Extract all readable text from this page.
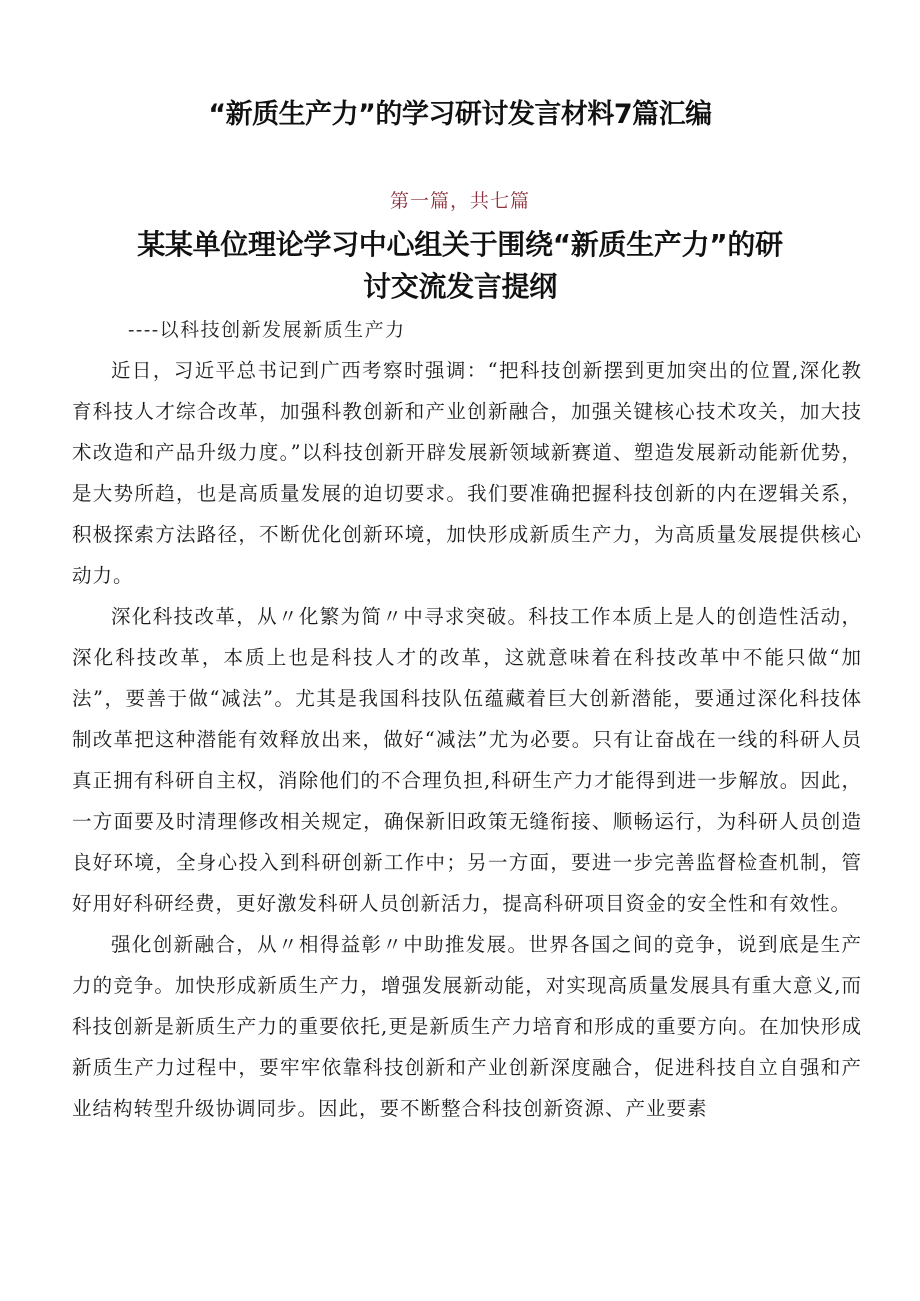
“新质生产力”的学习研讨发言材料7篇汇编
第一篇，共七篇
某某单位理论学习中心组关于围绕“新质生产力”的研
讨交流发言提纲
----以科技创新发展新质生产力

近日，习近平总书记到广西考察时强调：“把科技创新摆到更加突出的位置,深化教育科技人才综合改革，加强科教创新和产业创新融合，加强关键核心技术攻关，加大技术改造和产品升级力度。”以科技创新开辟发展新领域新赛道、塑造发展新动能新优势，是大势所趋，也是高质量发展的迫切要求。我们要准确把握科技创新的内在逻辑关系，积极探索方法路径，不断优化创新环境，加快形成新质生产力，为高质量发展提供核心动力。

深化科技改革，从〃化繁为简〃中寻求突破。科技工作本质上是人的创造性活动，深化科技改革，本质上也是科技人才的改革，这就意味着在科技改革中不能只做“加法”，要善于做“减法”。尤其是我国科技队伍蕴藏着巨大创新潜能，要通过深化科技体制改革把这种潜能有效释放出来，做好“减法”尤为必要。只有让奋战在一线的科研人员真正拥有科研自主权，消除他们的不合理负担,科研生产力才能得到进一步解放。因此，一方面要及时清理修改相关规定，确保新旧政策无缝衔接、顺畅运行，为科研人员创造良好环境，全身心投入到科研创新工作中；另一方面，要进一步完善监督检查机制，管好用好科研经费，更好激发科研人员创新活力，提高科研项目资金的安全性和有效性。

强化创新融合，从〃相得益彰〃中助推发展。世界各国之间的竞争，说到底是生产力的竞争。加快形成新质生产力，增强发展新动能，对实现高质量发展具有重大意义,而科技创新是新质生产力的重要依托,更是新质生产力培育和形成的重要方向。在加快形成新质生产力过程中，要牢牢依靠科技创新和产业创新深度融合，促进科技自立自强和产业结构转型升级协调同步。因此，要不断整合科技创新资源、产业要素
